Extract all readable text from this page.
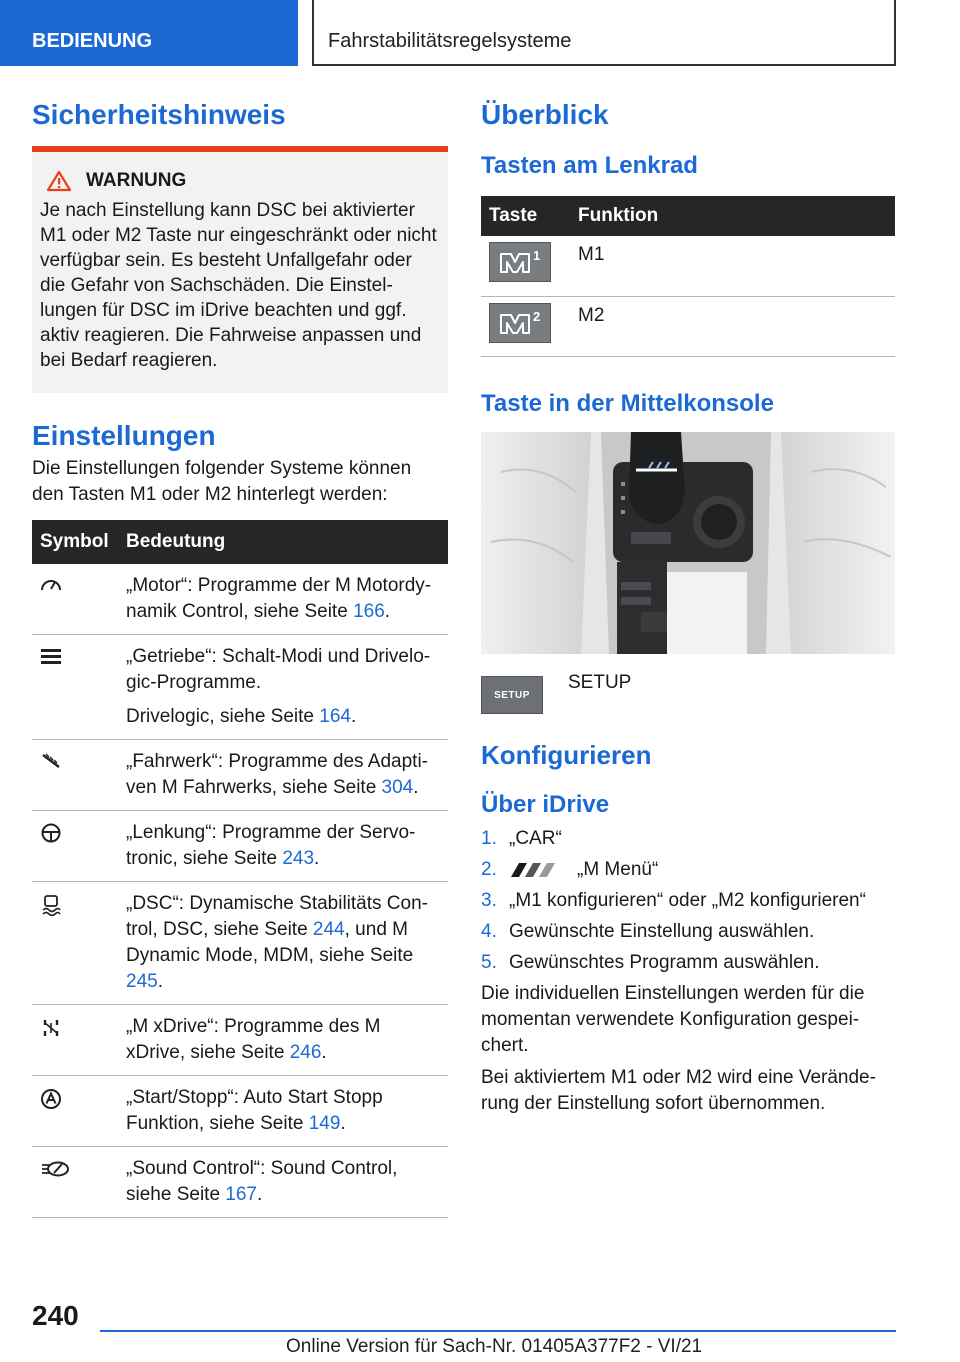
BEDIENUNG	Fahrstabilitätsregelsysteme
Sicherheitshinweis
WARNUNG

Je nach Einstellung kann DSC bei aktivierter M1 oder M2 Taste nur eingeschränkt oder nicht verfügbar sein. Es besteht Unfallgefahr oder die Gefahr von Sachschäden. Die Einstellungen für DSC im iDrive beachten und ggf. aktiv reagieren. Die Fahrweise anpassen und bei Bedarf reagieren.

Einstellungen

Die Einstellungen folgender Systeme können den Tasten M1 oder M2 hinterlegt werden:

Symbol	Bedeutung

„Motor“: Programme der M Motordynamik Control, siehe Seite 166.

„Getriebe“: Schalt-Modi und Drivelogic-Programme.

Drivelogic, siehe Seite 164.

„Fahrwerk“: Programme des Adaptiven M Fahrwerks, siehe Seite 304.

„Lenkung“: Programme der Servotronic, siehe Seite 243.

„DSC“: Dynamische Stabilitäts Control, DSC, siehe Seite 244, und M Dynamic Mode, MDM, siehe Seite 245.

„M xDrive“: Programme des M xDrive, siehe Seite 246.

„Start/Stopp“: Auto Start Stopp Funktion, siehe Seite 149.

„Sound Control“: Sound Control, siehe Seite 167.

Überblick
Tasten am Lenkrad
Taste	Funktion

1	M1

2	M2
Taste in der Mittelkonsole
SETUP
SETUP
Konfigurieren
Über iDrive
1. „CAR“
2.	„M Menü“
3. „M1 konfigurieren“ oder „M2 konfigurieren“
4. Gewünschte Einstellung auswählen.
5. Gewünschtes Programm auswählen.

Die individuellen Einstellungen werden für die momentan verwendete Konfiguration gespeichert.

Bei aktiviertem M1 oder M2 wird eine Veränderung der Einstellung sofort übernommen.

240
Online Version für Sach-Nr. 01405A377F2 - VI/21
